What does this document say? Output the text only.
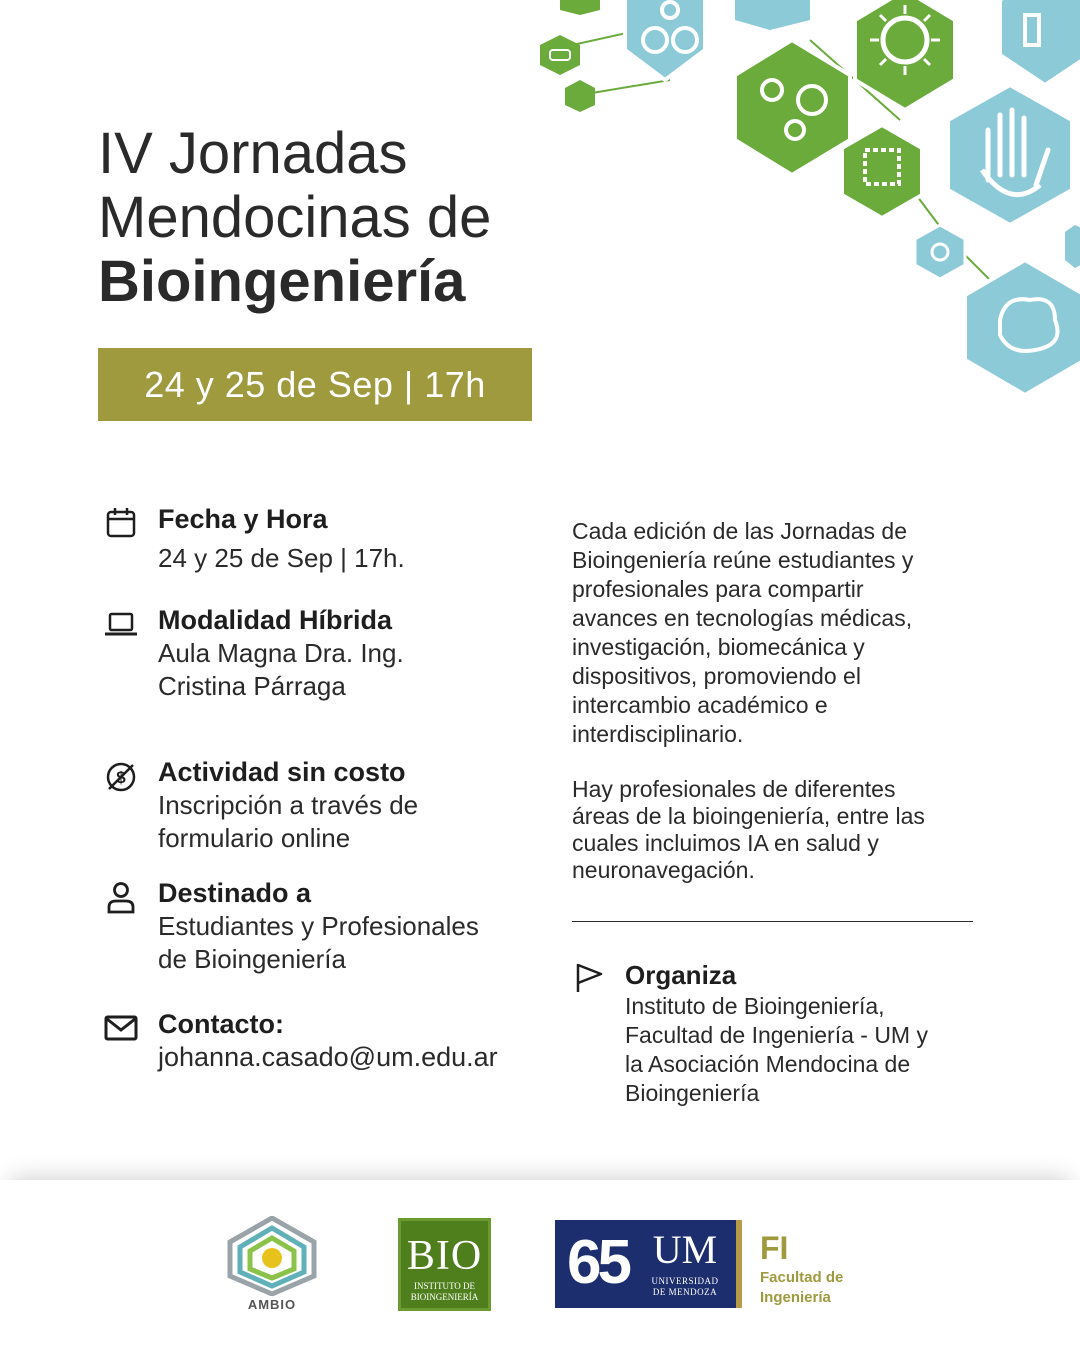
IV Jornadas
Mendocinas de
Bioingeniería
24 y 25 de Sep | 17h
Fecha y Hora
24 y 25 de Sep | 17h.
Modalidad Híbrida
Aula Magna Dra. Ing.
Cristina Párraga
$ Actividad sin costo
Inscripción a través de
formulario online
Destinado a
Estudiantes y Profesionales
de Bioingeniería
Contacto:
johanna.casado@um.edu.ar
Cada edición de las Jornadas de
Bioingeniería reúne estudiantes y
profesionales para compartir
avances en tecnologías médicas,
investigación, biomecánica y
dispositivos, promoviendo el
intercambio académico e
interdisciplinario.
Hay profesionales de diferentes
áreas de la bioingeniería, entre las
cuales incluimos IA en salud y
neuronavegación.
Organiza
Instituto de Bioingeniería,
Facultad de Ingeniería - UM y
la Asociación Mendocina de
Bioingeniería
AMBIO
BIO
INSTITUTO DE
BIOINGENIERÍA 65 UM
UNIVERSIDAD
DE MENDOZA
FI
Facultad de
Ingeniería
